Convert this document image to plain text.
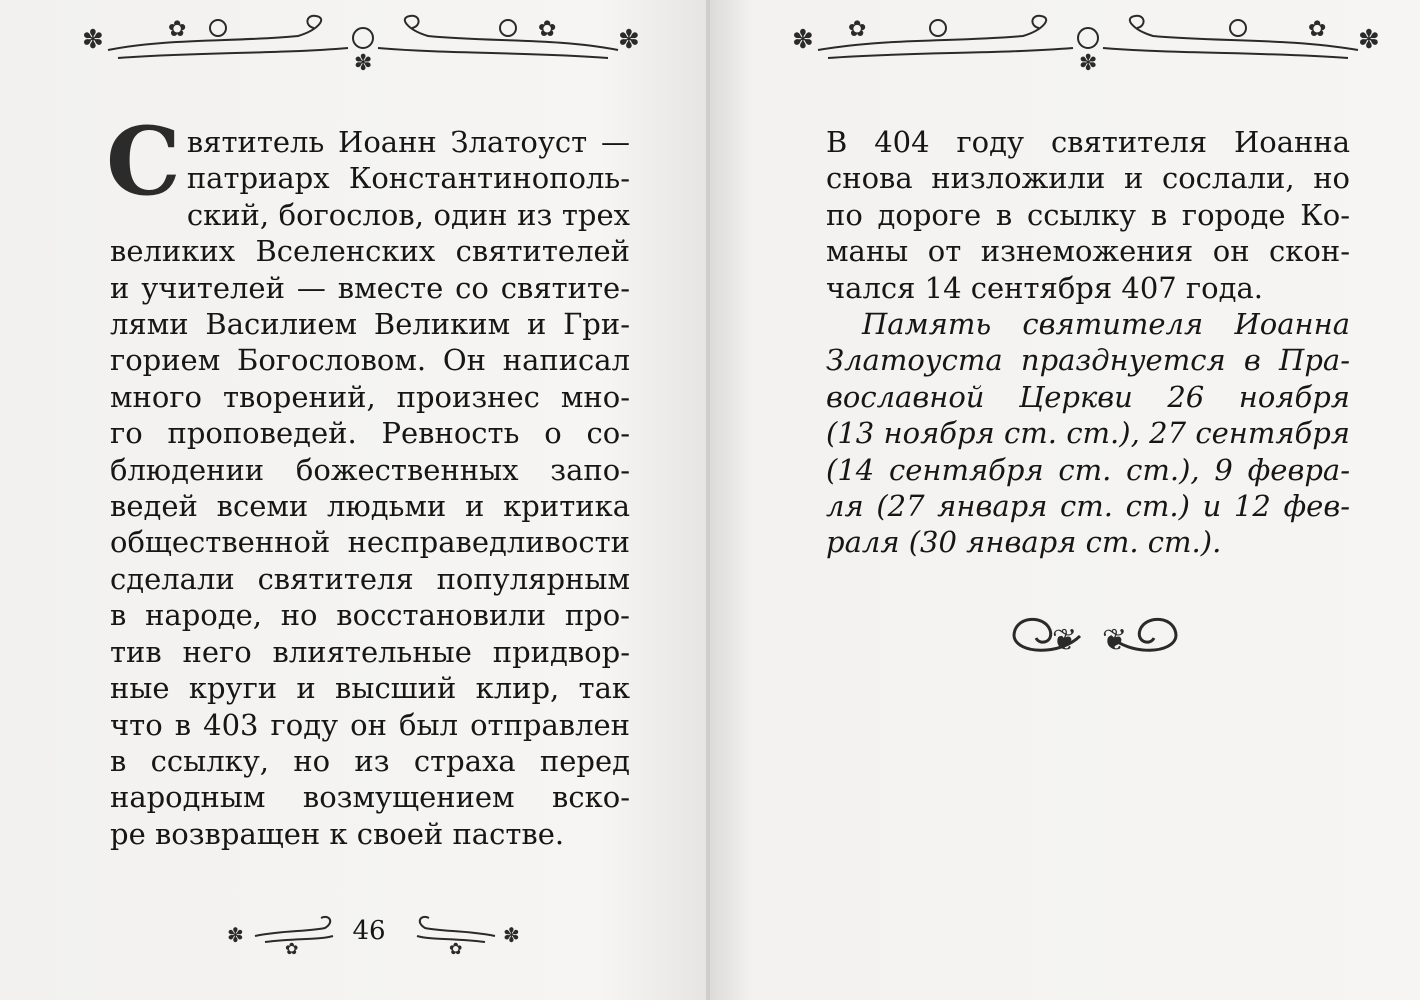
✽	✿	✿ ✽
✽
С вятитель Иоанн Златоуст —
патриарх Константинополь-
ский, богослов, один из трех
великих Вселенских святителей
и учителей — вместе со святите-
лями Василием Великим и Гри-
горием Богословом. Он написал
много творений, произнес мно-
го проповедей. Ревность о со-
блюдении божественных запо-
ведей всеми людьми и критика
общественной несправедливости
сделали святителя популярным
в народе, но восстановили про-
тив него влиятельные придвор-
ные круги и высший клир, так
что в 403 году он был отправлен
в ссылку, но из страха перед
народным возмущением вско-
ре возвращен к своей пастве.
✽
✿	✿
✽
46
✽ ✿	✿ ✽
✽
В 404 году святителя Иоанна
снова низложили и сослали, но
по дороге в ссылку в городе Ко-
маны от изнеможения он скон-
чался 14 сентября 407 года.
Память святителя Иоанна
Златоуста празднуется в Пра-
вославной Церкви 26 ноября
(13 ноября ст. ст.), 27 сентября
(14 сентября ст. ст.), 9 февра-
ля (27 января ст. ст.) и 12 фев-
раля (30 января ст. ст.).
❦ ❦
